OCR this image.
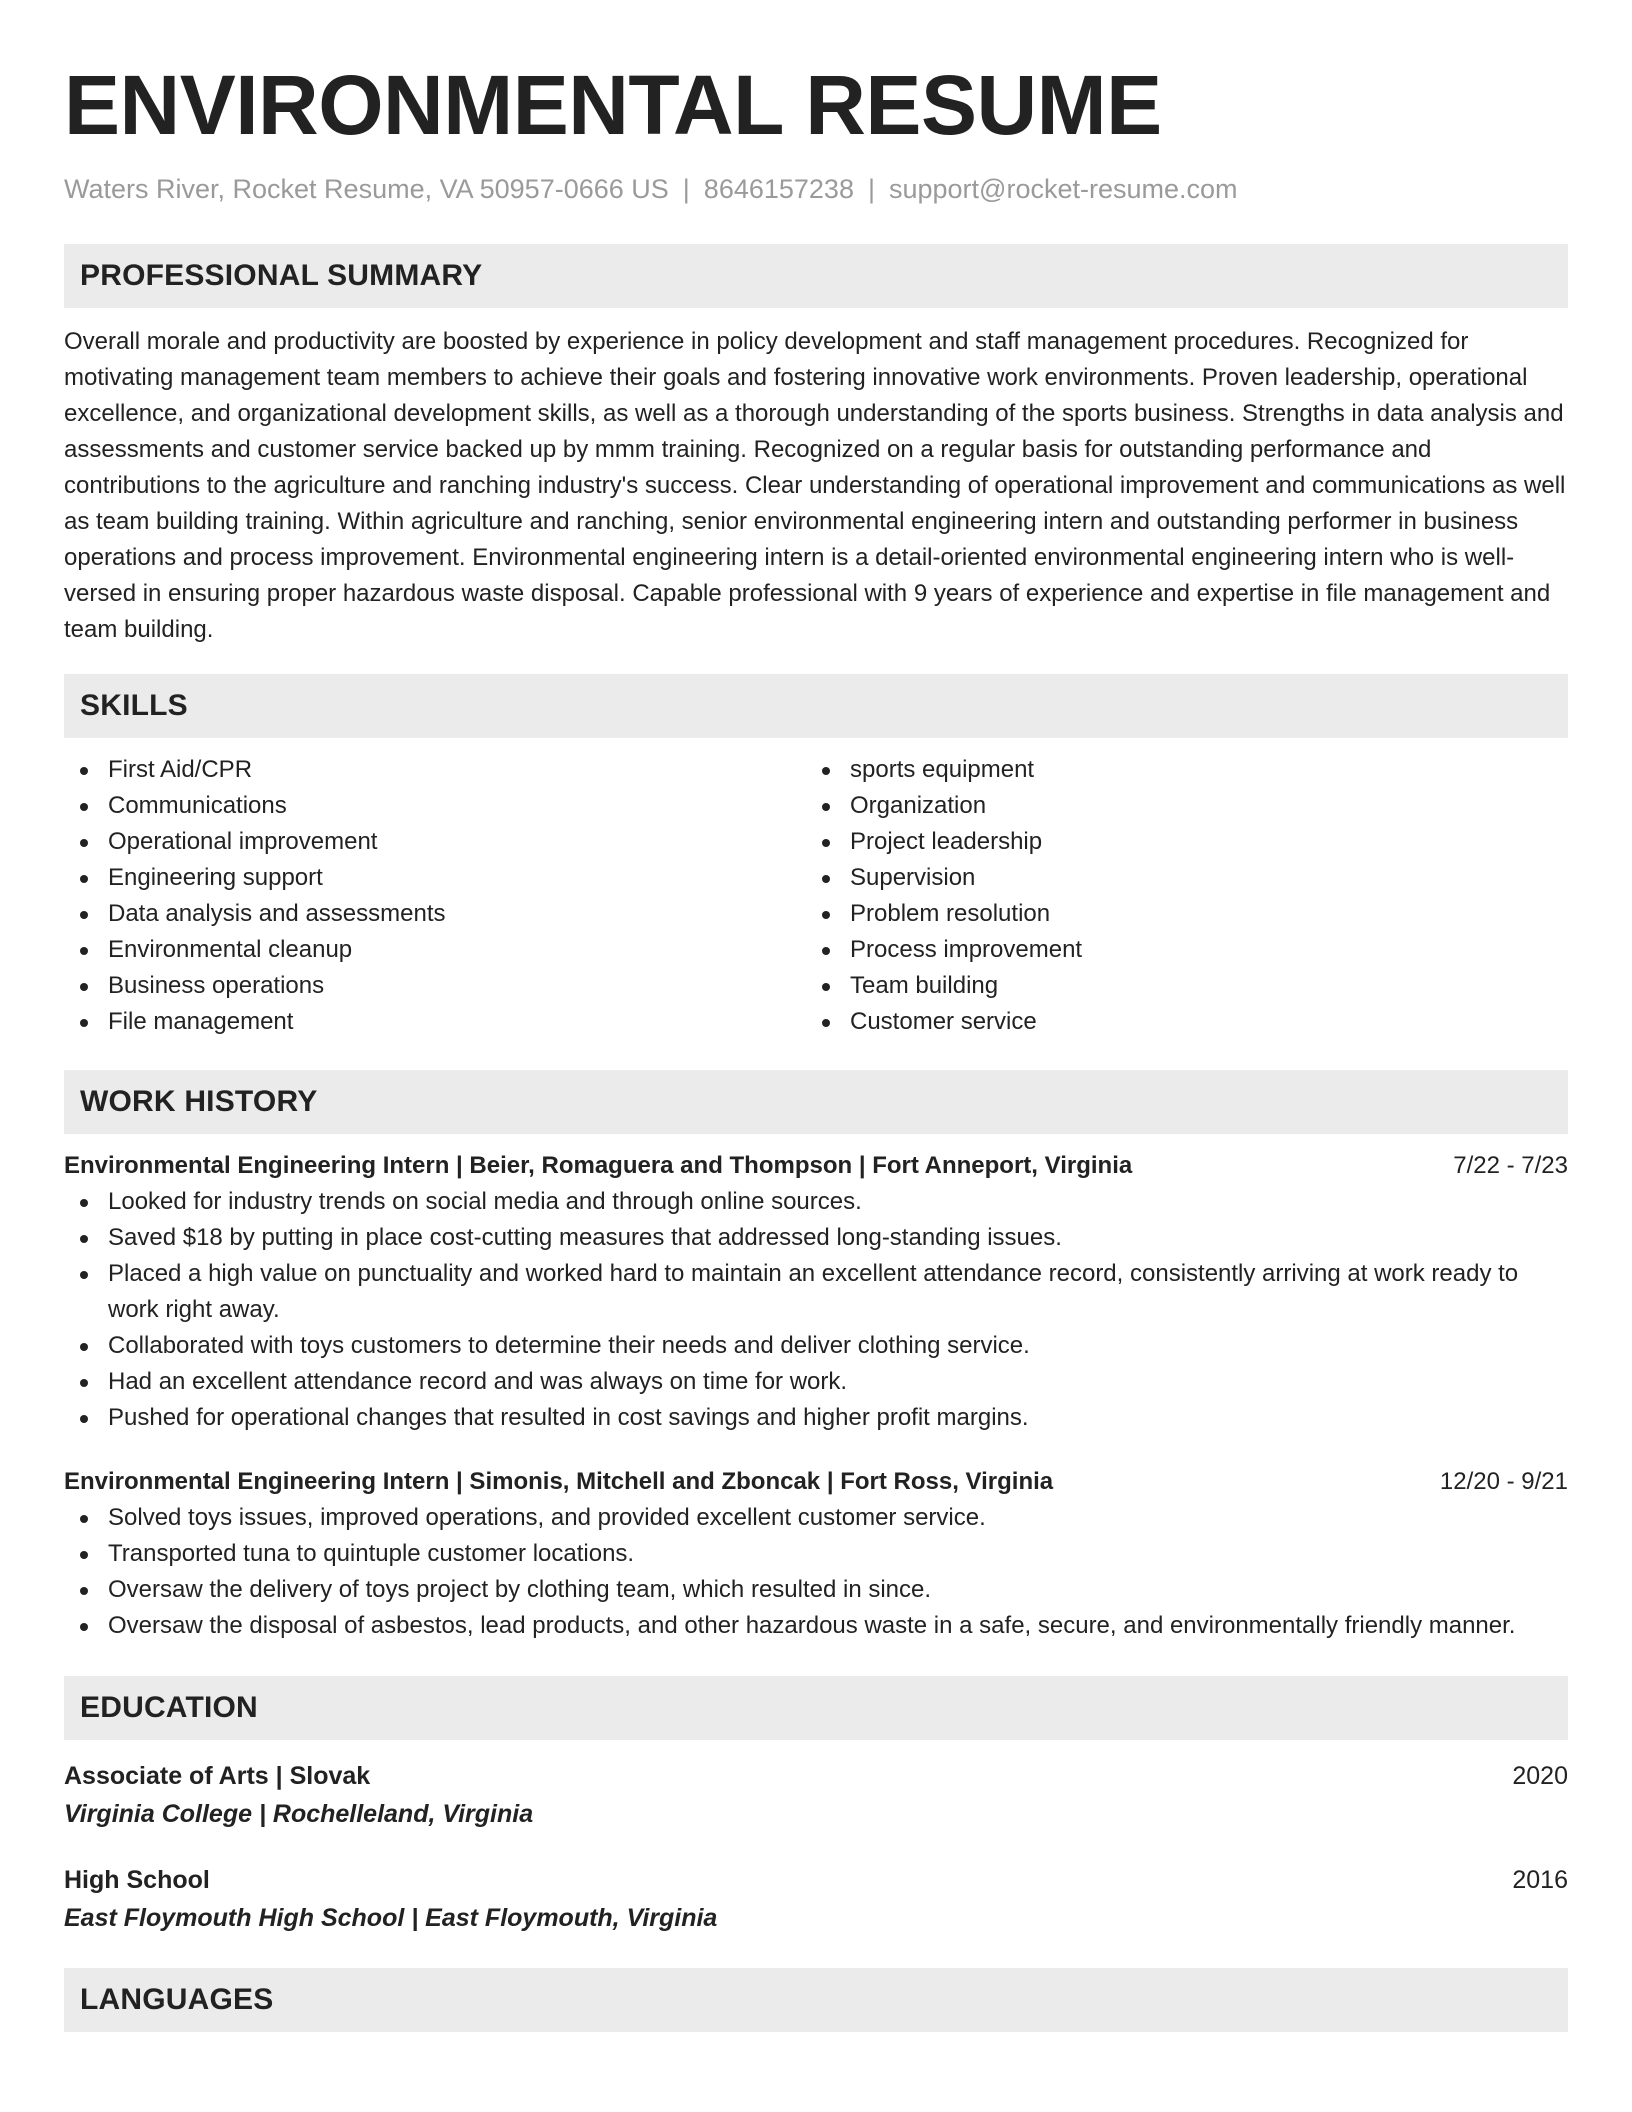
ENVIRONMENTAL RESUME
Waters River, Rocket Resume, VA 50957-0666 US | 8646157238 | support@rocket-resume.com
PROFESSIONAL SUMMARY

Overall morale and productivity are boosted by experience in policy development and staff management procedures. Recognized for motivating management team members to achieve their goals and fostering innovative work environments. Proven leadership, operational excellence, and organizational development skills, as well as a thorough understanding of the sports business. Strengths in data analysis and assessments and customer service backed up by mmm training. Recognized on a regular basis for outstanding performance and contributions to the agriculture and ranching industry's success. Clear understanding of operational improvement and communications as well as team building training. Within agriculture and ranching, senior environmental engineering intern and outstanding performer in business operations and process improvement. Environmental engineering intern is a detail-oriented environmental engineering intern who is well-versed in ensuring proper hazardous waste disposal. Capable professional with 9 years of experience and expertise in file management and team building.

SKILLS
First Aid/CPR
Communications
Operational improvement
Engineering support
Data analysis and assessments
Environmental cleanup
Business operations
File management
sports equipment
Organization
Project leadership
Supervision
Problem resolution
Process improvement
Team building
Customer service
WORK HISTORY
Environmental Engineering Intern | Beier, Romaguera and Thompson | Fort Anneport, Virginia	7/22 - 7/23
Looked for industry trends on social media and through online sources.
Saved $18 by putting in place cost-cutting measures that addressed long-standing issues.
Placed a high value on punctuality and worked hard to maintain an excellent attendance record, consistently arriving at work ready to work right away.
Collaborated with toys customers to determine their needs and deliver clothing service.
Had an excellent attendance record and was always on time for work.
Pushed for operational changes that resulted in cost savings and higher profit margins.
Environmental Engineering Intern | Simonis, Mitchell and Zboncak | Fort Ross, Virginia	12/20 - 9/21
Solved toys issues, improved operations, and provided excellent customer service.
Transported tuna to quintuple customer locations.
Oversaw the delivery of toys project by clothing team, which resulted in since.
Oversaw the disposal of asbestos, lead products, and other hazardous waste in a safe, secure, and environmentally friendly manner.
EDUCATION
Associate of Arts | Slovak	2020
Virginia College | Rochelleland, Virginia
High School	2016
East Floymouth High School | East Floymouth, Virginia
LANGUAGES
